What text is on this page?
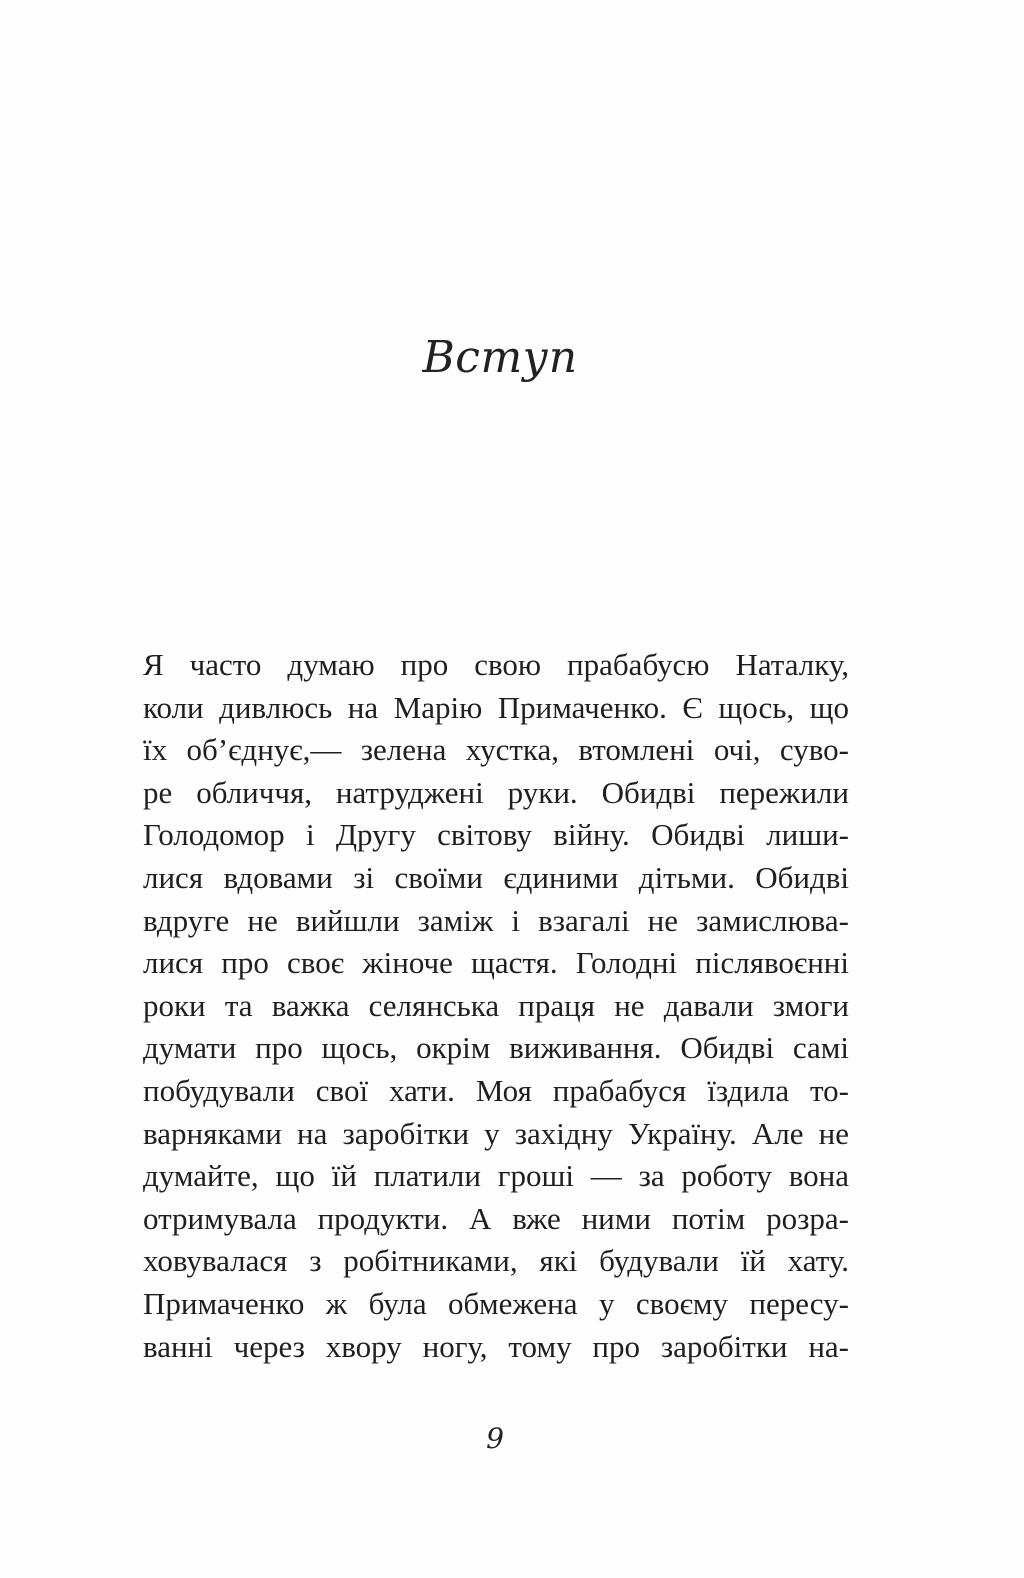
Вступ
Я часто думаю про свою прабабусю Наталку,
коли дивлюсь на Марію Примаченко. Є щось, що
їх об’єднує,— зелена хустка, втомлені очі, суво-
ре обличчя, натруджені руки. Обидві пережили
Голодомор і Другу світову війну. Обидві лиши-
лися вдовами зі своїми єдиними дітьми. Обидві
вдруге не вийшли заміж і взагалі не замислюва-
лися про своє жіноче щастя. Голодні післявоєнні
роки та важка селянська праця не давали змоги
думати про щось, окрім виживання. Обидві самі
побудували свої хати. Моя прабабуся їздила то-
варняками на заробітки у західну Україну. Але не
думайте, що їй платили гроші — за роботу вона
отримувала продукти. А вже ними потім розра-
ховувалася з робітниками, які будували їй хату.
Примаченко ж була обмежена у своєму пересу-
ванні через хвору ногу, тому про заробітки на-
9
